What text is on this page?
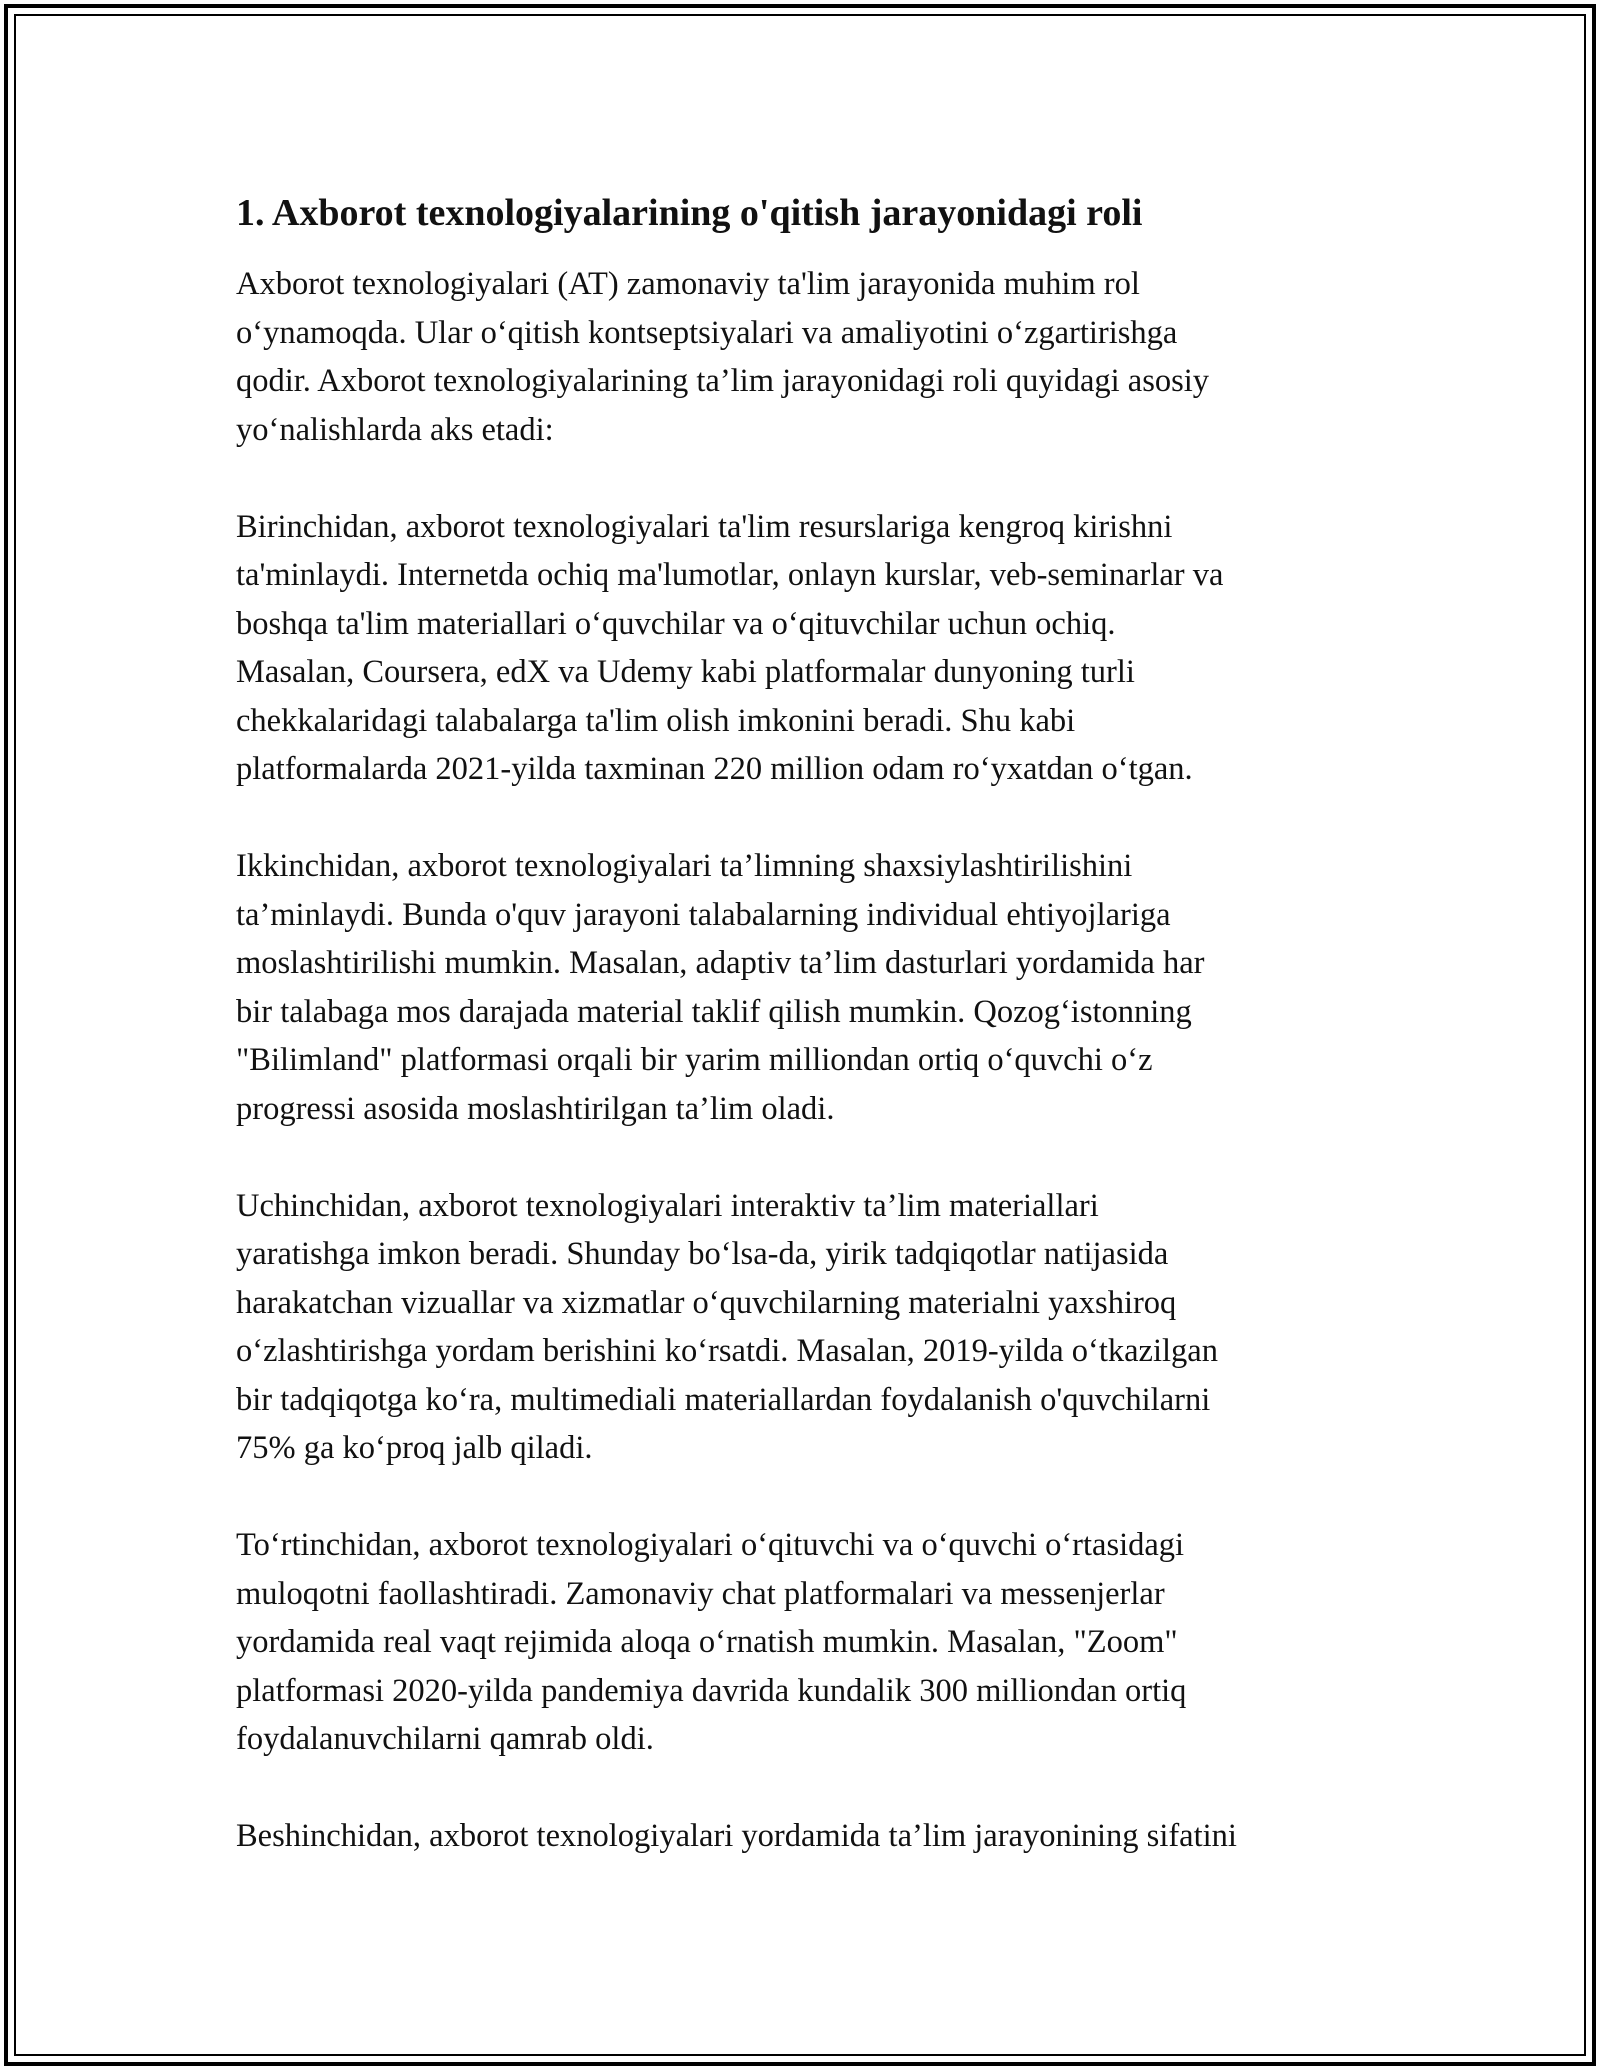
1. Axborot texnologiyalarining o'qitish jarayonidagi roli
Axborot texnologiyalari (AT) zamonaviy ta'lim jarayonida muhim rol
o‘ynamoqda. Ular o‘qitish kontseptsiyalari va amaliyotini o‘zgartirishga
qodir. Axborot texnologiyalarining ta’lim jarayonidagi roli quyidagi asosiy
yo‘nalishlarda aks etadi:
Birinchidan, axborot texnologiyalari ta'lim resurslariga kengroq kirishni
ta'minlaydi. Internetda ochiq ma'lumotlar, onlayn kurslar, veb-seminarlar va
boshqa ta'lim materiallari o‘quvchilar va o‘qituvchilar uchun ochiq.
Masalan, Coursera, edX va Udemy kabi platformalar dunyoning turli
chekkalaridagi talabalarga ta'lim olish imkonini beradi. Shu kabi
platformalarda 2021-yilda taxminan 220 million odam ro‘yxatdan o‘tgan.
Ikkinchidan, axborot texnologiyalari ta’limning shaxsiylashtirilishini
ta’minlaydi. Bunda o'quv jarayoni talabalarning individual ehtiyojlariga
moslashtirilishi mumkin. Masalan, adaptiv ta’lim dasturlari yordamida har
bir talabaga mos darajada material taklif qilish mumkin. Qozog‘istonning
"Bilimland" platformasi orqali bir yarim milliondan ortiq o‘quvchi o‘z
progressi asosida moslashtirilgan ta’lim oladi.
Uchinchidan, axborot texnologiyalari interaktiv ta’lim materiallari
yaratishga imkon beradi. Shunday bo‘lsa-da, yirik tadqiqotlar natijasida
harakatchan vizuallar va xizmatlar o‘quvchilarning materialni yaxshiroq
o‘zlashtirishga yordam berishini ko‘rsatdi. Masalan, 2019-yilda o‘tkazilgan
bir tadqiqotga ko‘ra, multimediali materiallardan foydalanish o'quvchilarni
75% ga ko‘proq jalb qiladi.
To‘rtinchidan, axborot texnologiyalari o‘qituvchi va o‘quvchi o‘rtasidagi
muloqotni faollashtiradi. Zamonaviy chat platformalari va messenjerlar
yordamida real vaqt rejimida aloqa o‘rnatish mumkin. Masalan, "Zoom"
platformasi 2020-yilda pandemiya davrida kundalik 300 milliondan ortiq
foydalanuvchilarni qamrab oldi.
Beshinchidan, axborot texnologiyalari yordamida ta’lim jarayonining sifatini
